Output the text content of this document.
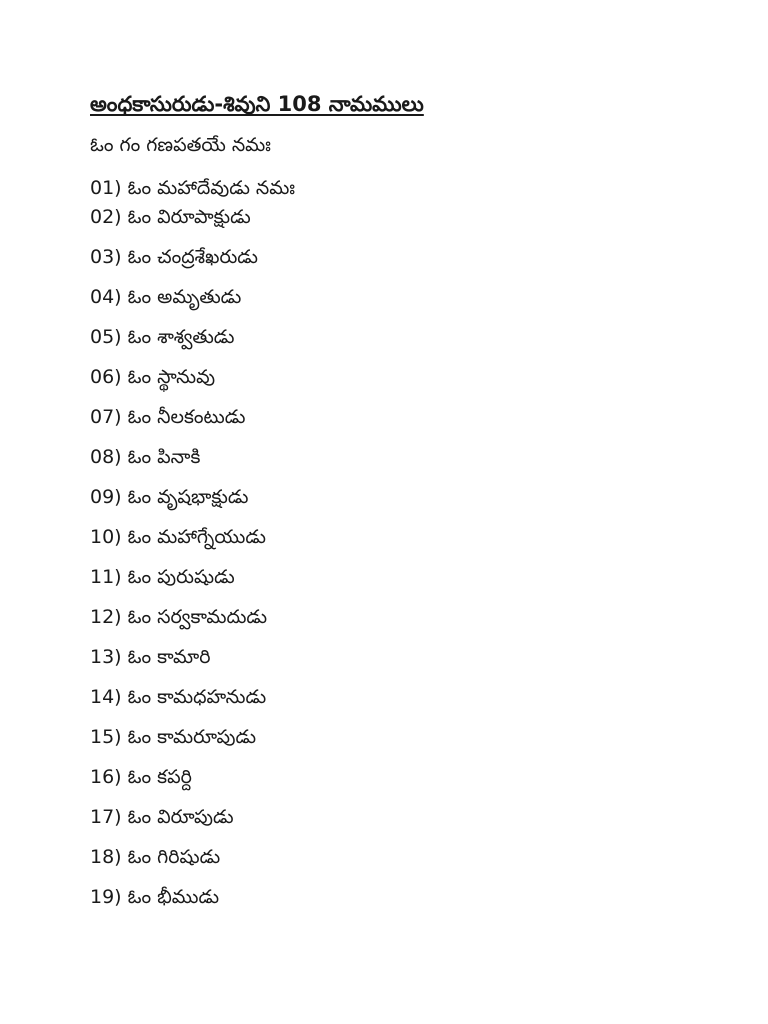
అంధకాసురుడు-శివుని 108 నామములు

ఓం గం గణపతయే నమః

01) ఓం మహాదేవుడు నమః
02) ఓం విరూపాక్షుడు
03) ఓం చంద్రశేఖరుడు
04) ఓం అమృతుడు
05) ఓం శాశ్వతుడు
06) ఓం స్థానువు
07) ఓం నీలకంటుడు
08) ఓం పినాకి
09) ఓం వృషభాక్షుడు
10) ఓం మహాగ్నేయుడు
11) ఓం పురుషుడు
12) ఓం సర్వకామదుడు
13) ఓం కామారి
14) ఓం కామధహనుడు
15) ఓం కామరూపుడు
16) ఓం కపర్ది
17) ఓం విరూపుడు
18) ఓం గిరిషుడు
19) ఓం భీముడు
